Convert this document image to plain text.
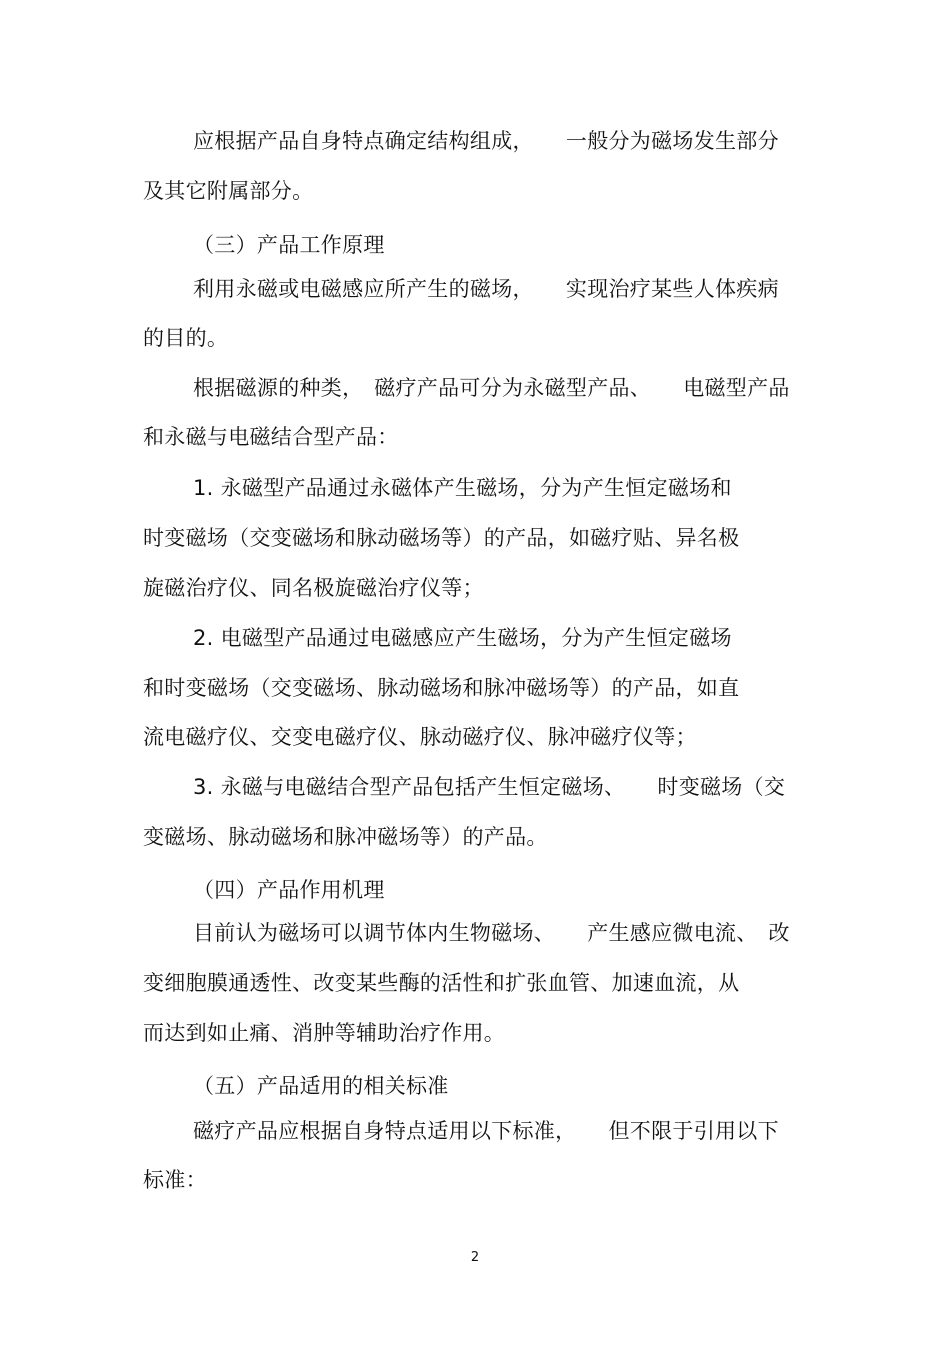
应根据产品自身特点确定结构组成，　　一般分为磁场发生部分
及其它附属部分。
（三）产品工作原理
利用永磁或电磁感应所产生的磁场，　　实现治疗某些人体疾病
的目的。
根据磁源的种类，　磁疗产品可分为永磁型产品、　　电磁型产品
和永磁与电磁结合型产品：
1. 永磁型产品通过永磁体产生磁场，分为产生恒定磁场和
时变磁场（交变磁场和脉动磁场等）的产品，如磁疗贴、异名极
旋磁治疗仪、同名极旋磁治疗仪等；
2. 电磁型产品通过电磁感应产生磁场，分为产生恒定磁场
和时变磁场（交变磁场、脉动磁场和脉冲磁场等）的产品，如直
流电磁疗仪、交变电磁疗仪、脉动磁疗仪、脉冲磁疗仪等；
3. 永磁与电磁结合型产品包括产生恒定磁场、　　时变磁场（交
变磁场、脉动磁场和脉冲磁场等）的产品。
（四）产品作用机理
目前认为磁场可以调节体内生物磁场、　　产生感应微电流、　改
变细胞膜通透性、改变某些酶的活性和扩张血管、加速血流，从
而达到如止痛、消肿等辅助治疗作用。
（五）产品适用的相关标准
磁疗产品应根据自身特点适用以下标准，　　但不限于引用以下
标准：
2
